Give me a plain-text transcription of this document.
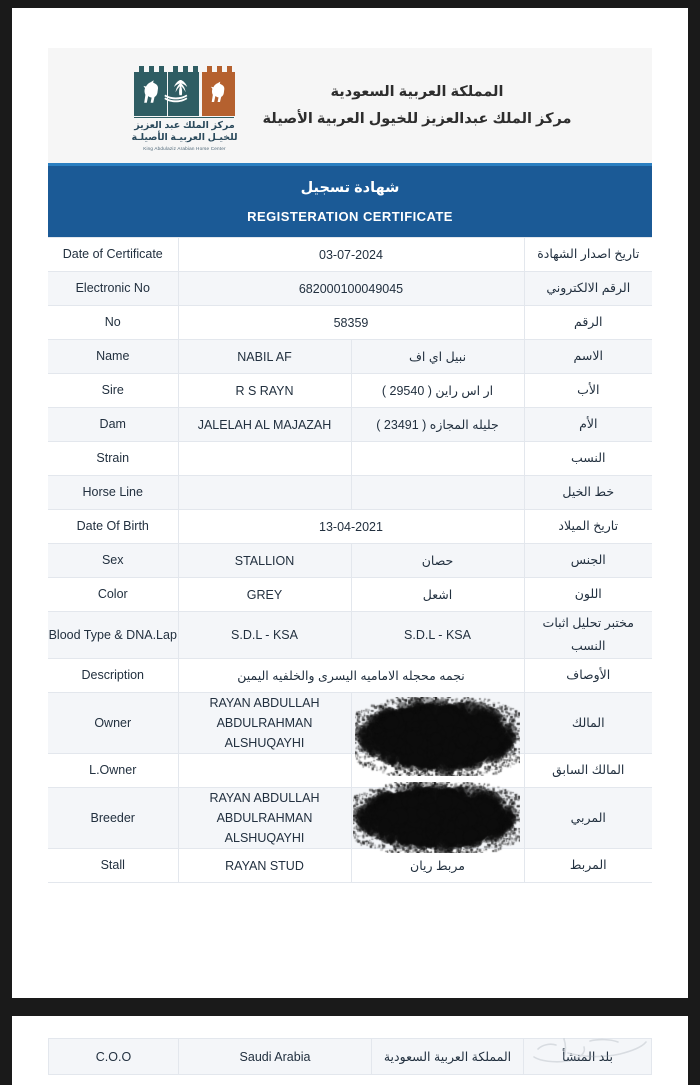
مركز الملك عبد العزيز
للخيـل العربيـة الأصيلـة
King Abdulaziz Arabian Horse Center
المملكة العربية السعودية
مركز الملك عبدالعزيز للخيول العربية الأصيلة
شهادة تسجيل
REGISTERATION CERTIFICATE
Date of Certificate	03-07-2024		تاريخ اصدار الشهادة
Electronic No	682000100049045		الرقم الالكتروني
No	58359		الرقم
Name	NABIL AF	نبيل اي اف	الاسم
Sire	R S RAYN	ار اس راين ( 29540 )	الأب
Dam	JALELAH AL MAJAZAH	جليله المجازه ( 23491 )	الأم
Strain			النسب
Horse Line			خط الخيل
Date Of Birth	13-04-2021		تاريخ الميلاد
Sex	STALLION	حصان	الجنس
Color	GREY	اشعل	اللون
Blood Type & DNA.Lap	S.D.L - KSA	S.D.L - KSA	مختبر تحليل اثبات النسب
Description	نجمه محجله الاماميه اليسرى والخلفيه اليمين		الأوصاف
Owner	RAYAN ABDULLAH ABDULRAHMAN ALSHUQAYHI		المالك
L.Owner			المالك السابق
Breeder	RAYAN ABDULLAH ABDULRAHMAN ALSHUQAYHI		المربي
Stall	RAYAN STUD	مربط ريان	المربط
C.O.O	Saudi Arabia	المملكة العربية السعودية	بلد المنشأ
